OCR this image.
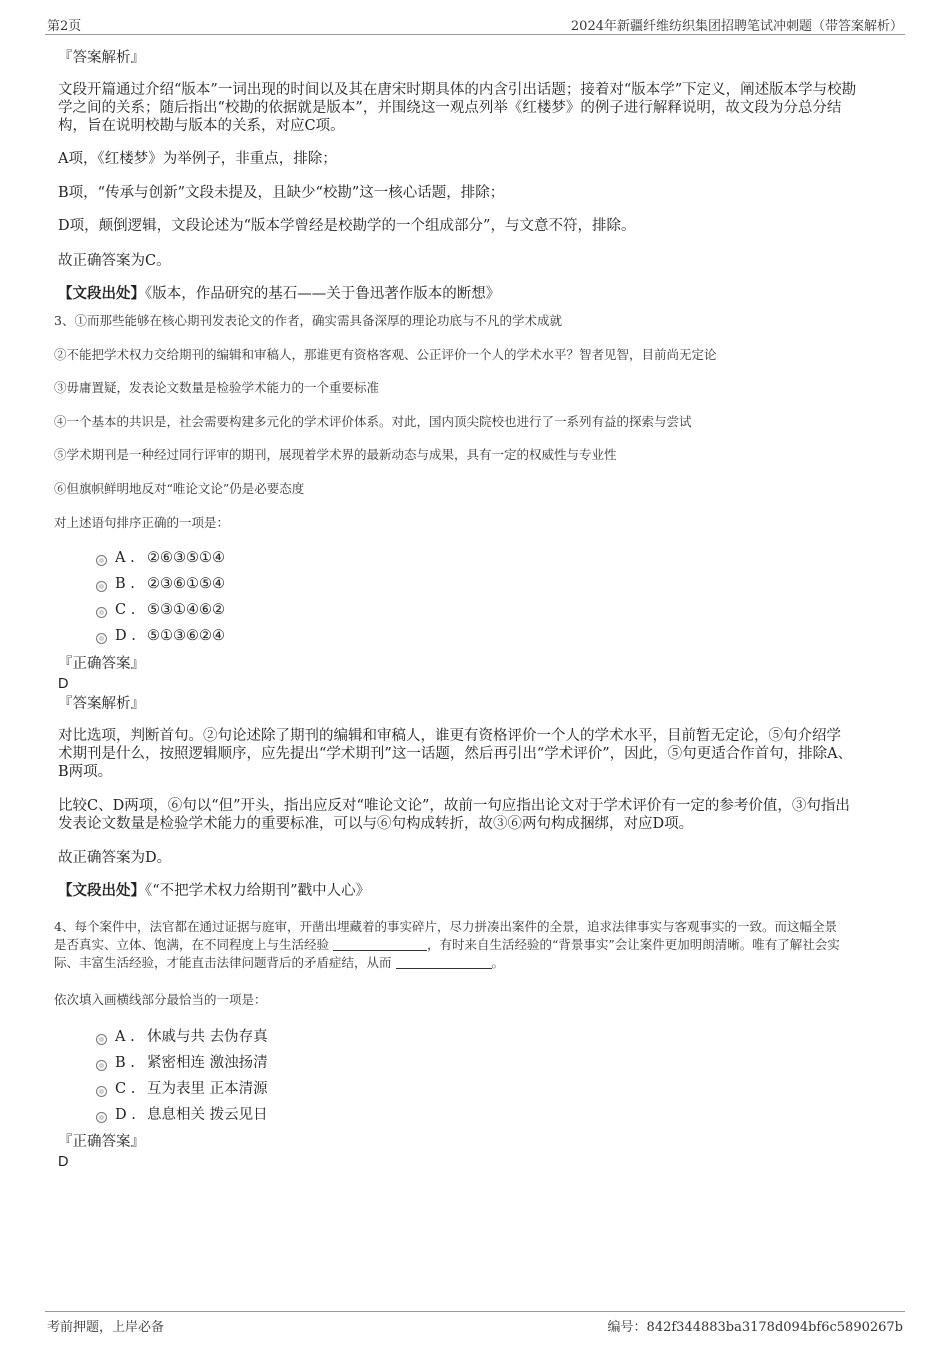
第2页	2024年新疆纤维纺织集团招聘笔试冲刺题（带答案解析）
『答案解析』
文段开篇通过介绍“版本”一词出现的时间以及其在唐宋时期具体的内含引出话题；接着对“版本学”下定义，阐述版本学与校勘
学之间的关系；随后指出“校勘的依据就是版本”，并围绕这一观点列举《红楼梦》的例子进行解释说明，故文段为分总分结
构，旨在说明校勘与版本的关系，对应C项。
A项，《红楼梦》为举例子，非重点，排除；
B项，“传承与创新”文段未提及，且缺少“校勘”这一核心话题，排除；
D项，颠倒逻辑，文段论述为“版本学曾经是校勘学的一个组成部分”，与文意不符，排除。
故正确答案为C。
【文段出处】《版本，作品研究的基石——关于鲁迅著作版本的断想》
3、①而那些能够在核心期刊发表论文的作者，确实需具备深厚的理论功底与不凡的学术成就
②不能把学术权力交给期刊的编辑和审稿人，那谁更有资格客观、公正评价一个人的学术水平？智者见智，目前尚无定论
③毋庸置疑，发表论文数量是检验学术能力的一个重要标准
④一个基本的共识是，社会需要构建多元化的学术评价体系。对此，国内顶尖院校也进行了一系列有益的探索与尝试
⑤学术期刊是一种经过同行评审的期刊，展现着学术界的最新动态与成果，具有一定的权威性与专业性
⑥但旗帜鲜明地反对“唯论文论”仍是必要态度
对上述语句排序正确的一项是：
A . ②⑥③⑤①④
B . ②③⑥①⑤④
C . ⑤③①④⑥②
D . ⑤①③⑥②④
『正确答案』
D
『答案解析』
对比选项，判断首句。②句论述除了期刊的编辑和审稿人，谁更有资格评价一个人的学术水平，目前暂无定论，⑤句介绍学
术期刊是什么，按照逻辑顺序，应先提出“学术期刊”这一话题，然后再引出“学术评价”，因此，⑤句更适合作首句，排除A、
B两项。
比较C、D两项，⑥句以“但”开头，指出应反对“唯论文论”，故前一句应指出论文对于学术评价有一定的参考价值，③句指出
发表论文数量是检验学术能力的重要标准，可以与⑥句构成转折，故③⑥两句构成捆绑，对应D项。
故正确答案为D。
【文段出处】《“不把学术权力给期刊”戳中人心》
4、每个案件中，法官都在通过证据与庭审，开凿出埋藏着的事实碎片，尽力拼凑出案件的全景，追求法律事实与客观事实的一致。而这幅全景
是否真实、立体、饱满，在不同程度上与生活经验	，有时来自生活经验的“背景事实”会让案件更加明朗清晰。唯有了解社会实
际、丰富生活经验，才能直击法律问题背后的矛盾症结，从而	。
依次填入画横线部分最恰当的一项是：
A . 休戚与共 去伪存真
B . 紧密相连 激浊扬清
C . 互为表里 正本清源
D . 息息相关 拨云见日
『正确答案』
D
考前押题，上岸必备	编号：842f344883ba3178d094bf6c5890267b
